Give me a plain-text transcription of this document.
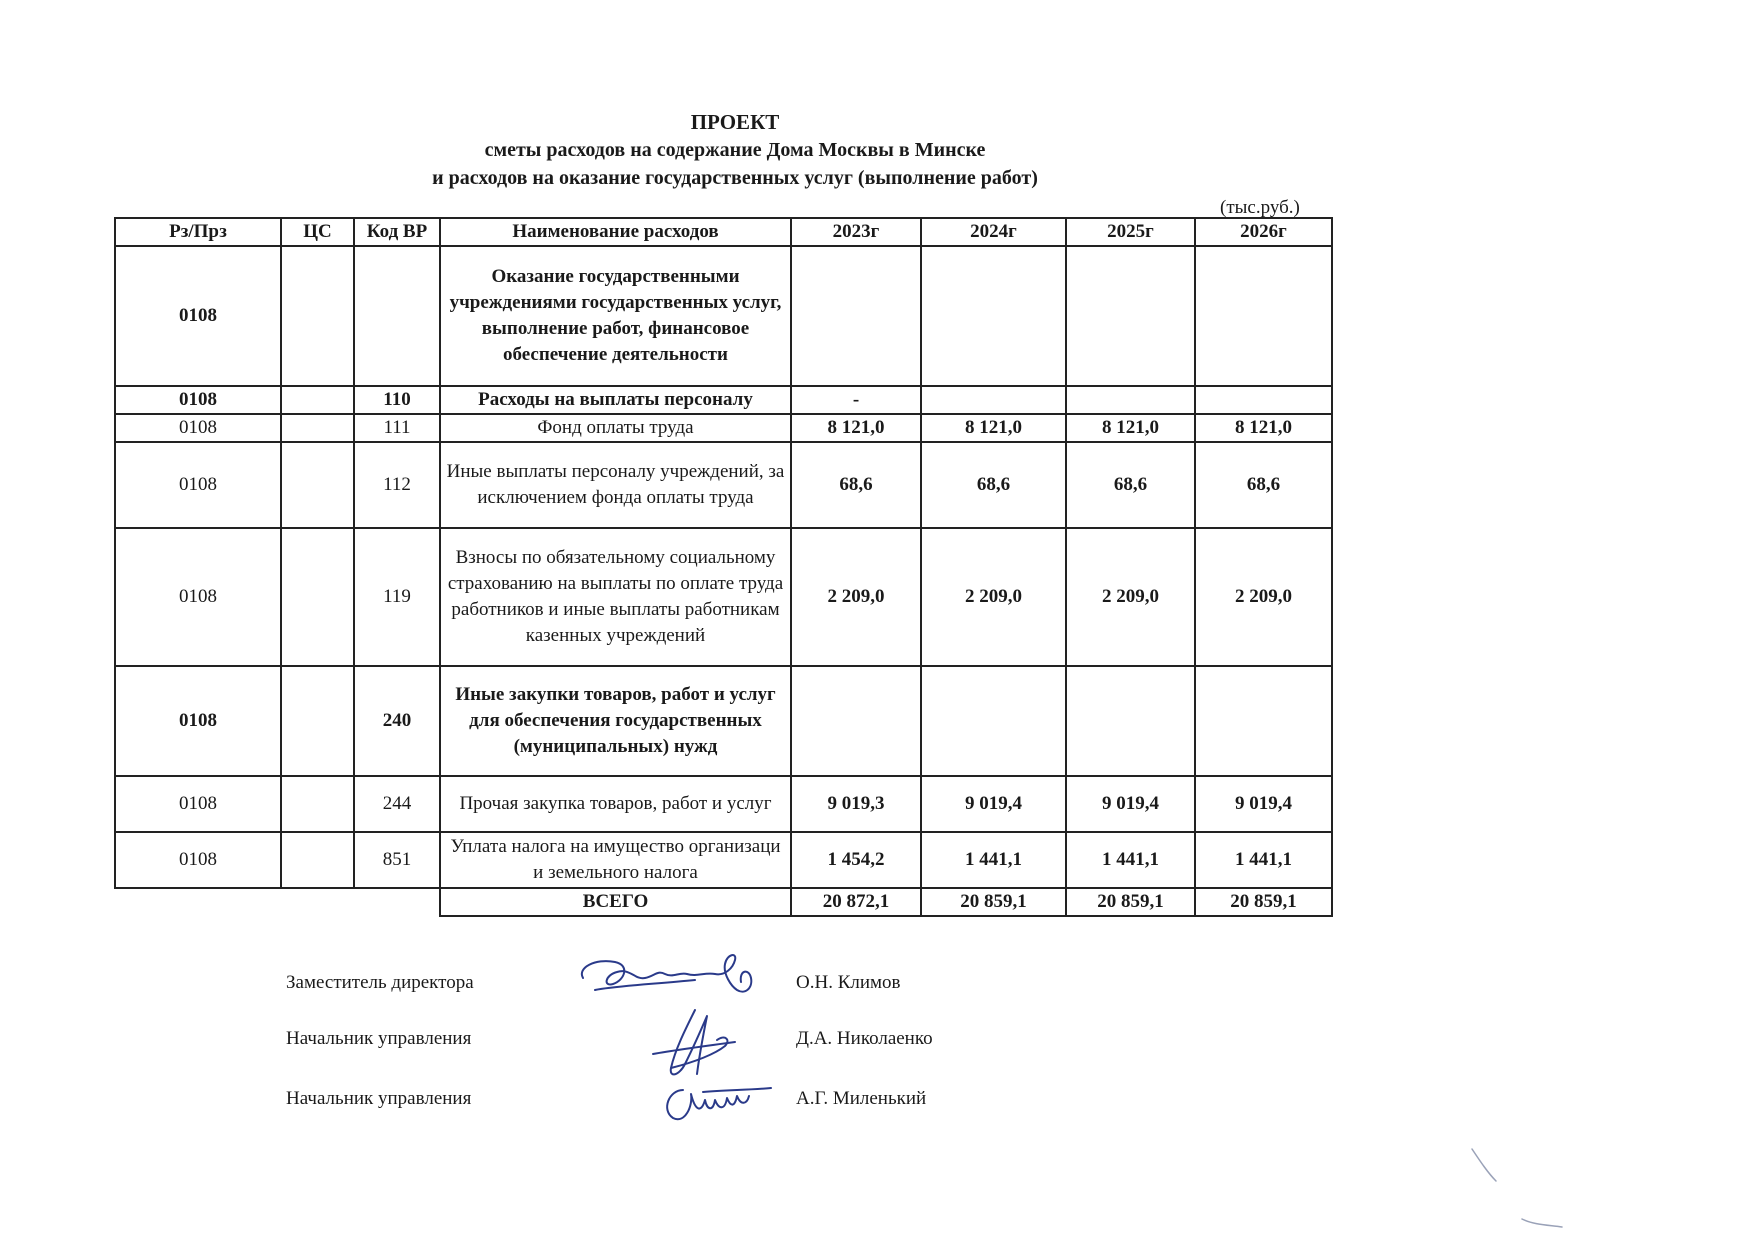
ПРОЕКТ
сметы расходов на содержание Дома Москвы в Минске
и расходов на оказание государственных услуг (выполнение работ)
(тыс.руб.)
Рз/Прз	ЦС	Код ВР	Наименование расходов	2023г	2024г	2025г	2026г
0108			Оказание государственными учреждениями государственных услуг, выполнение работ, финансовое обеспечение деятельности				
0108		110	Расходы на выплаты персоналу	-			
0108		111	Фонд оплаты труда	8 121,0	8 121,0	8 121,0	8 121,0
0108		112	Иные выплаты персоналу учреждений, за исключением фонда оплаты труда	68,6	68,6	68,6	68,6
0108		119	Взносы по обязательному социальному страхованию на выплаты по оплате труда работников и иные выплаты работникам казенных учреждений	2 209,0	2 209,0	2 209,0	2 209,0
0108		240	Иные закупки товаров, работ и услуг для обеспечения государственных (муниципальных) нужд				
0108		244	Прочая закупка товаров, работ и услуг	9 019,3	9 019,4	9 019,4	9 019,4
0108		851	Уплата налога на имущество организаци и земельного налога	1 454,2	1 441,1	1 441,1	1 441,1
			ВСЕГО	20 872,1	20 859,1	20 859,1	20 859,1
Заместитель директора	О.Н. Климов
Начальник управления	Д.А. Николаенко
Начальник управления	А.Г. Миленький
